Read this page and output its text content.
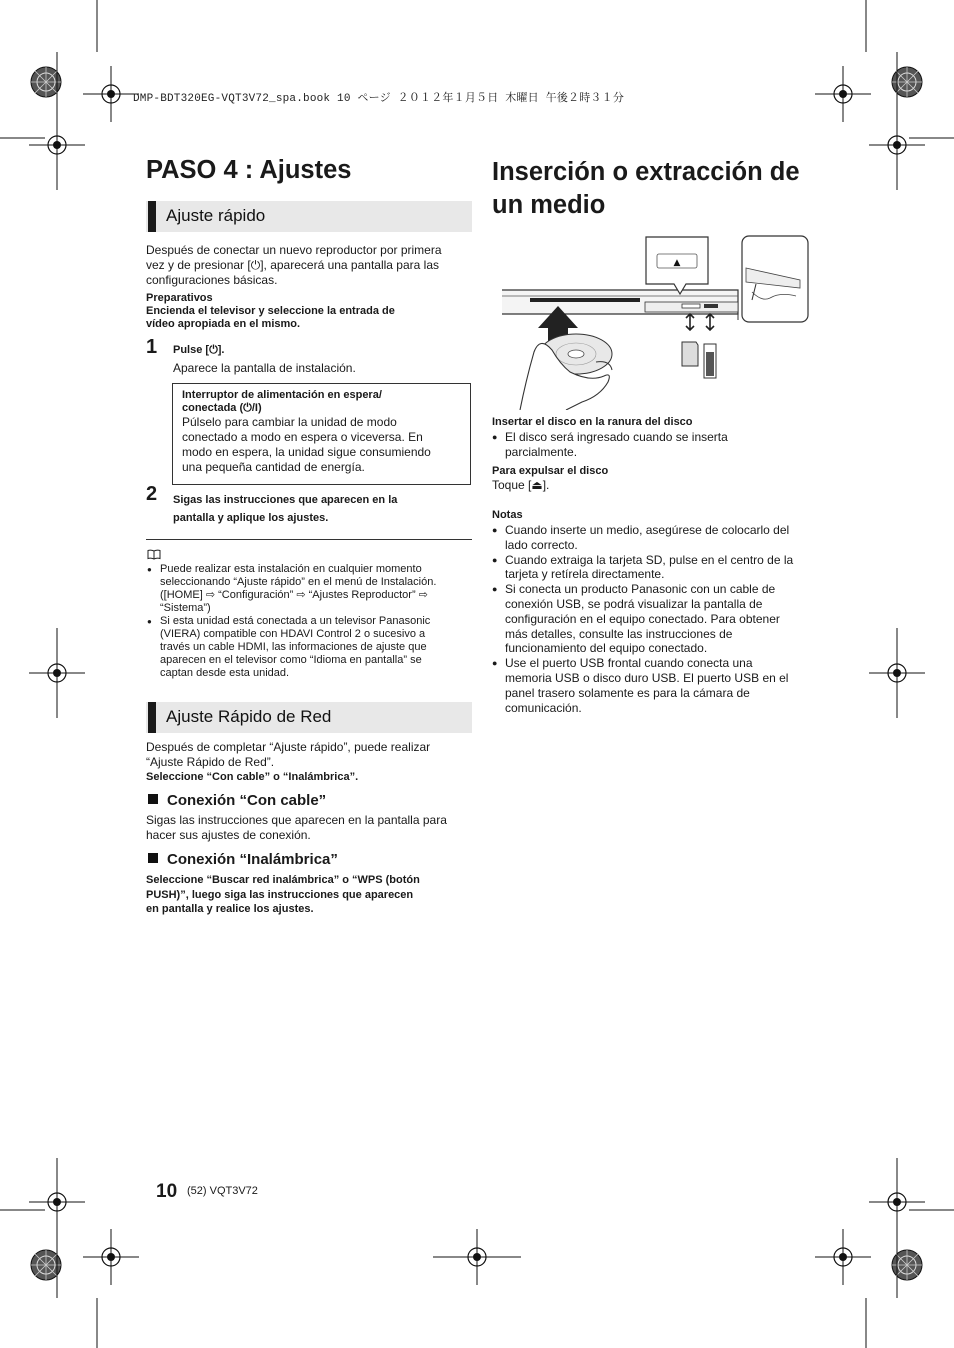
DMP-BDT320EG-VQT3V72_spa.book 10 ページ ２０１２年１月５日 木曜日 午後２時３１分
PASO 4 : Ajustes
Ajuste rápido
Después de conectar un nuevo reproductor por primera
vez y de presionar [⏻], aparecerá una pantalla para las
configuraciones básicas.
Preparativos
Encienda el televisor y seleccione la entrada de
vídeo apropiada en el mismo.
1 Pulse [⏻].
Aparece la pantalla de instalación.
Interruptor de alimentación en espera/
conectada (⏻/I)
Púlselo para cambiar la unidad de modo
conectado a modo en espera o viceversa. En
modo en espera, la unidad sigue consumiendo
una pequeña cantidad de energía.
2 Sigas las instrucciones que aparecen en la
pantalla y aplique los ajustes.
● Puede realizar esta instalación en cualquier momento
seleccionando “Ajuste rápido” en el menú de Instalación.
([HOME] ⇨ “Configuración” ⇨ “Ajustes Reproductor” ⇨
“Sistema”)
● Si esta unidad está conectada a un televisor Panasonic
(VIERA) compatible con HDAVI Control 2 o sucesivo a
través un cable HDMI, las informaciones de ajuste que
aparecen en el televisor como “Idioma en pantalla” se
captan desde esta unidad.
Ajuste Rápido de Red
Después de completar “Ajuste rápido”, puede realizar
“Ajuste Rápido de Red”.
Seleccione “Con cable” o “Inalámbrica”.
Conexión “Con cable”
Sigas las instrucciones que aparecen en la pantalla para
hacer sus ajustes de conexión.
Conexión “Inalámbrica”
Seleccione “Buscar red inalámbrica” o “WPS (botón
PUSH)”, luego siga las instrucciones que aparecen
en pantalla y realice los ajustes.
Inserción o extracción de un medio
▲
Insertar el disco en la ranura del disco
● El disco será ingresado cuando se inserta
parcialmente.
Para expulsar el disco
Toque [⏏].
Notas
● Cuando inserte un medio, asegúrese de colocarlo del
lado correcto.
● Cuando extraiga la tarjeta SD, pulse en el centro de la
tarjeta y retírela directamente.
● Si conecta un producto Panasonic con un cable de
conexión USB, se podrá visualizar la pantalla de
configuración en el equipo conectado. Para obtener
más detalles, consulte las instrucciones de
funcionamiento del equipo conectado.
● Use el puerto USB frontal cuando conecta una
memoria USB o disco duro USB. El puerto USB en el
panel trasero solamente es para la cámara de
comunicación.
10 (52) VQT3V72
